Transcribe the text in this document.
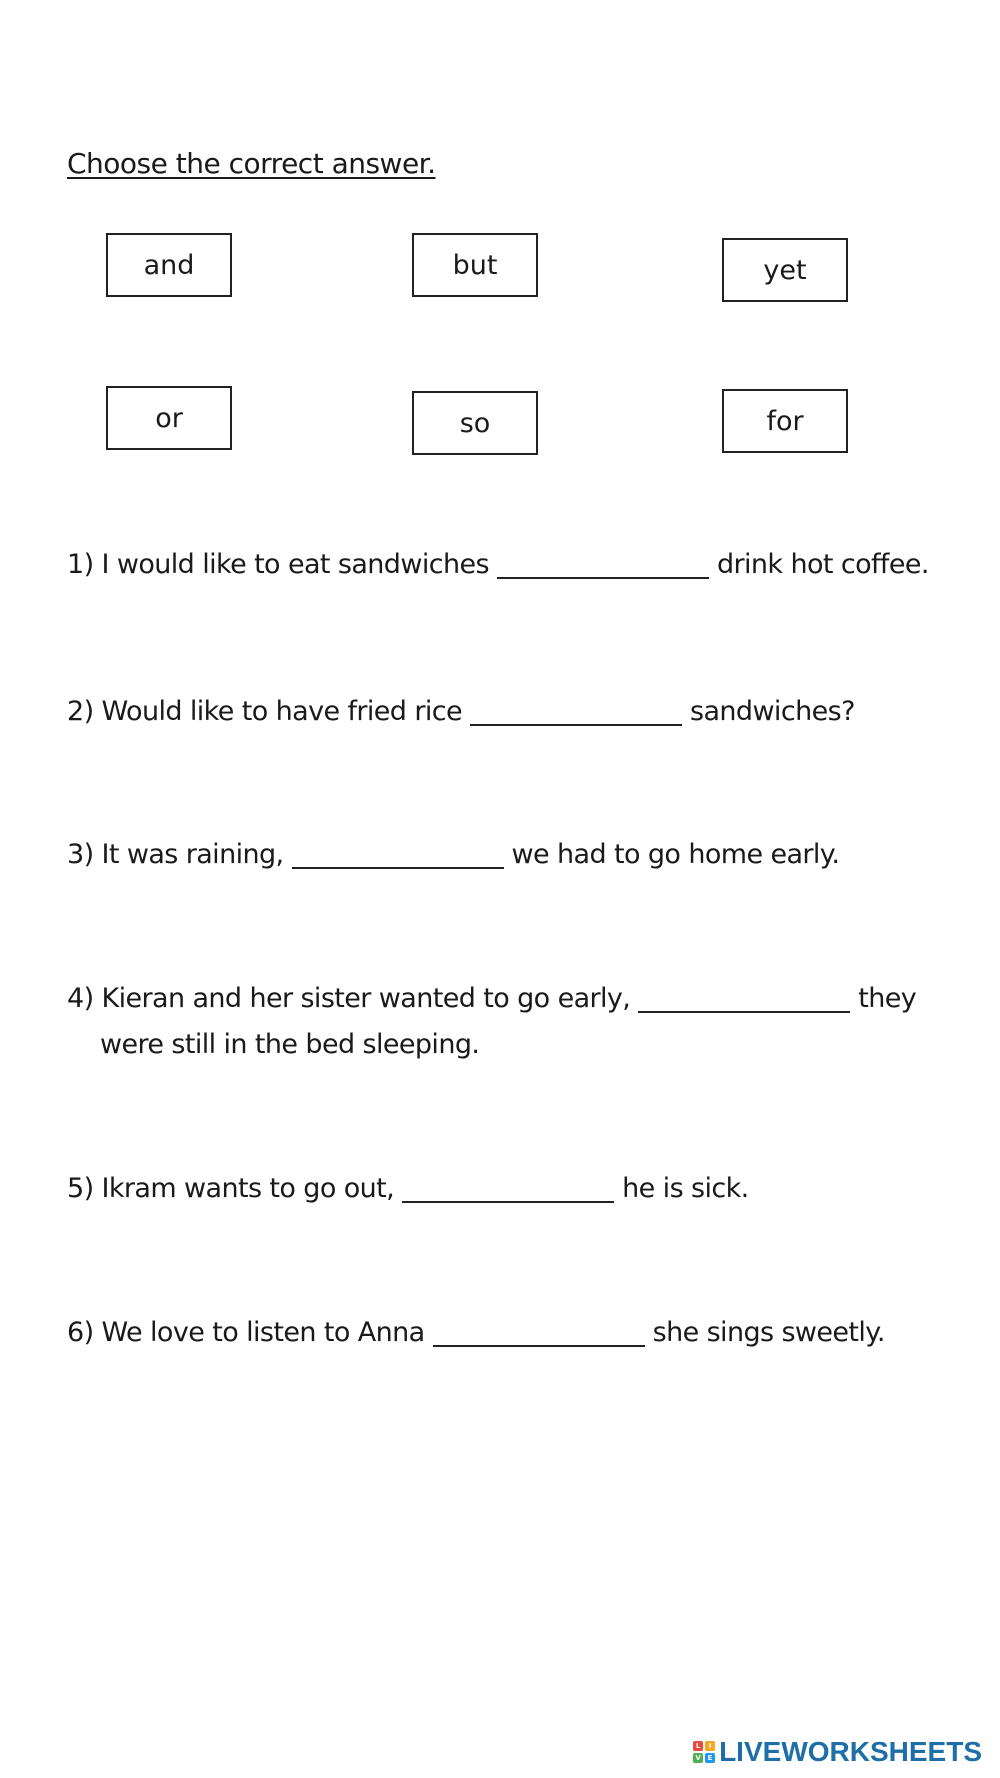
Choose the correct answer.
and	but	yet
or	so	for

1) I would like to eat sandwiches	drink hot coffee.

2) Would like to have fried rice	sandwiches?

3) It was raining,	we had to go home early.

4) Kieran and her sister wanted to go early,	they
were still in the bed sleeping.

5) Ikram wants to go out,	he is sick.

6) We love to listen to Anna	she sings sweetly.

L	I
V E LIVEWORKSHEETS
